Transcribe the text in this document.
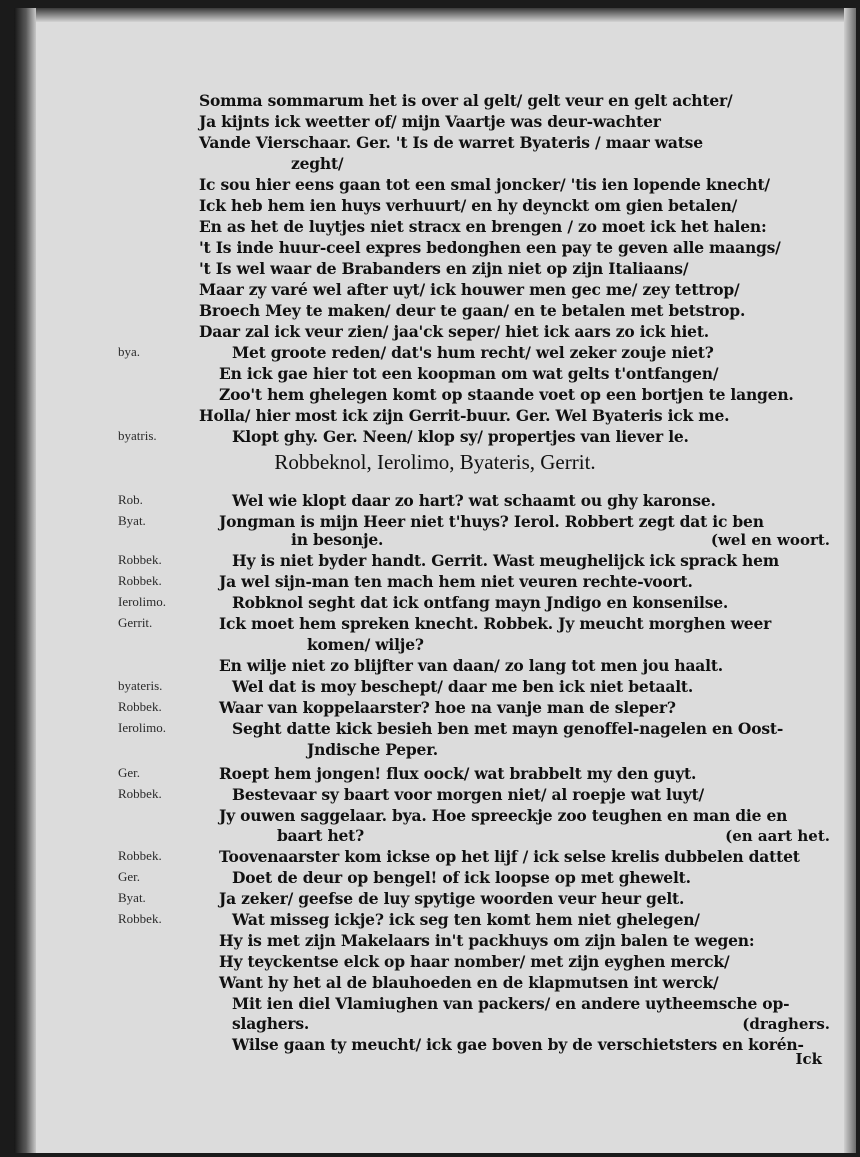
Somma sommarum het is over al gelt/ gelt veur en gelt achter/
Ja kijnts ick weetter of/ mijn Vaartje was deur-wachter
Vande Vierschaar. Ger. 't Is de warret Byateris / maar watse
zeght/
Ic sou hier eens gaan tot een smal joncker/ 'tis ien lopende knecht/
Ick heb hem ien huys verhuurt/ en hy deynckt om gien betalen/
En as het de luytjes niet stracx en brengen / zo moet ick het halen:
't Is inde huur-ceel expres bedonghen een pay te geven alle maangs/
't Is wel waar de Brabanders en zijn niet op zijn Italiaans/
Maar zy varé wel after uyt/ ick houwer men gec me/ zey tettrop/
Broech Mey te maken/ deur te gaan/ en te betalen met betstrop.
Daar zal ick veur zien/ jaa'ck seper/ hiet ick aars zo ick hiet.
bya.	Met groote reden/ dat's hum recht/ wel zeker zouje niet?
En ick gae hier tot een koopman om wat gelts t'ontfangen/
Zoo't hem ghelegen komt op staande voet op een bortjen te langen.
Holla/ hier most ick zijn Gerrit-buur. Ger. Wel Byateris ick me.
byatris.	Klopt ghy. Ger. Neen/ klop sy/ propertjes van liever le.
Robbeknol, Ierolimo, Byateris, Gerrit.
Rob.	Wel wie klopt daar zo hart? wat schaamt ou ghy karonse.
Byat.	Jongman is mijn Heer niet t'huys? Ierol. Robbert zegt dat ic ben
in besonje.	(wel en woort.
Robbek.	Hy is niet byder handt. Gerrit. Wast meughelijck ick sprack hem
Robbek.	Ja wel sijn-man ten mach hem niet veuren rechte-voort.
Ierolimo.	Robknol seght dat ick ontfang mayn Jndigo en konsenilse.
Gerrit.	Ick moet hem spreken knecht. Robbek. Jy meucht morghen weer
komen/ wilje?
En wilje niet zo blijfter van daan/ zo lang tot men jou haalt.
byateris.	Wel dat is moy beschept/ daar me ben ick niet betaalt.
Robbek.	Waar van koppelaarster? hoe na vanje man de sleper?
Ierolimo.	Seght datte kick besieh ben met mayn genoffel-nagelen en Oost-
Jndische Peper.
Ger.	Roept hem jongen! flux oock/ wat brabbelt my den guyt.
Robbek.	Bestevaar sy baart voor morgen niet/ al roepje wat luyt/
Jy ouwen saggelaar. bya. Hoe spreeckje zoo teughen en man die en
baart het?	(en aart het.
Robbek.	Toovenaarster kom ickse op het lijf / ick selse krelis dubbelen dattet
Ger.	Doet de deur op bengel! of ick loopse op met ghewelt.
Byat.	Ja zeker/ geefse de luy spytige woorden veur heur gelt.
Robbek.	Wat misseg ickje? ick seg ten komt hem niet ghelegen/
Hy is met zijn Makelaars in't packhuys om zijn balen te wegen:
Hy teyckentse elck op haar nomber/ met zijn eyghen merck/
Want hy het al de blauhoeden en de klapmutsen int werck/
Mit ien diel Vlamiughen van packers/ en andere uytheemsche op-
slaghers.	(draghers.
Wilse gaan ty meucht/ ick gae boven by de verschietsters en korén-
Ick
